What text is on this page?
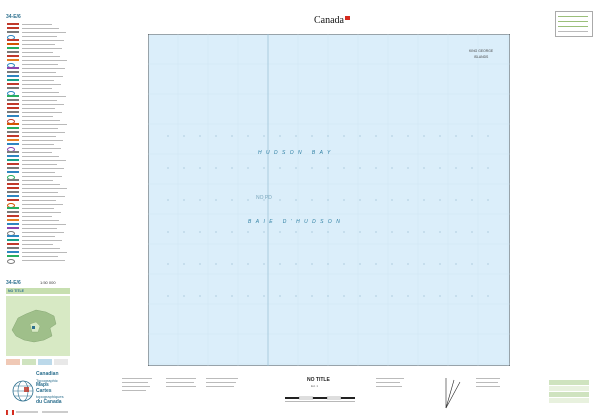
34-E/6
34-E/6	1:50 000
NO TITLE
Canadian
Topographic
Maps
Cartes
topographiques
du Canada
Canada
HUDSON BAY
NO PD
BAIE D'HUDSON
KING GEORGE
ISLANDS
NO TITLE
Ed. 1
